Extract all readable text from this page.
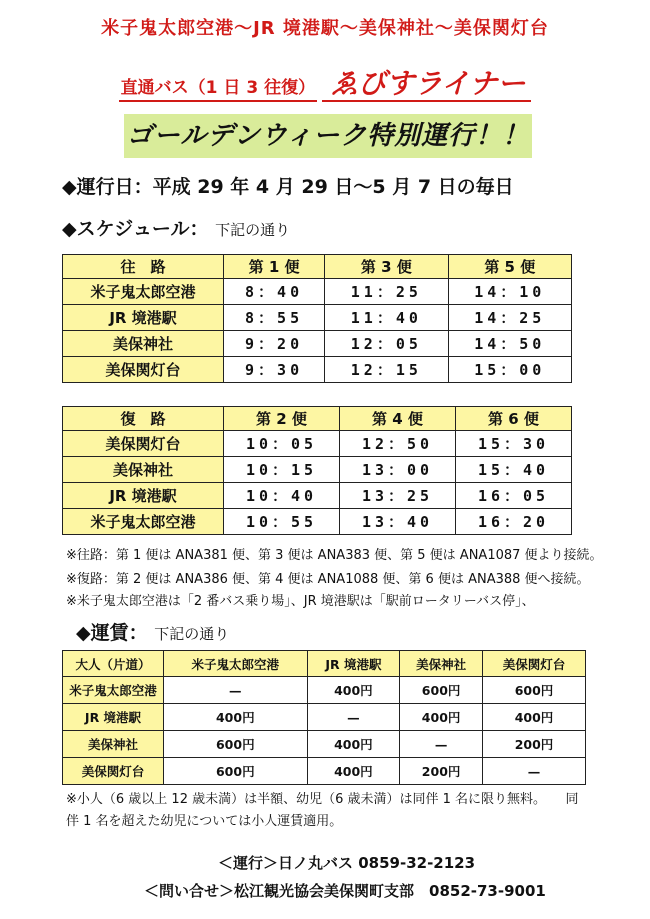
米子鬼太郎空港～JR 境港駅～美保神社～美保関灯台
直通バス（1 日 3 往復） ゑびすライナー
ゴールデンウィーク特別運行！！
◆運行日：平成 29 年 4 月 29 日～5 月 7 日の毎日
◆スケジュール： 下記の通り
往　路	第 1 便	第 3 便	第 5 便
米子鬼太郎空港	8：40	11：25	14：10
JR 境港駅	8：55	11：40	14：25
美保神社	9：20	12：05	14：50
美保関灯台	9：30	12：15	15：00
復　路	第 2 便	第 4 便	第 6 便
美保関灯台	10：05	12：50	15：30
美保神社	10：15	13：00	15：40
JR 境港駅	10：40	13：25	16：05
米子鬼太郎空港	10：55	13：40	16：20
※往路：第 1 便は ANA381 便、第 3 便は ANA383 便、第 5 便は ANA1087 便より接続。
※復路：第 2 便は ANA386 便、第 4 便は ANA1088 便、第 6 便は ANA388 便へ接続。
※米子鬼太郎空港は「2 番バス乗り場」、JR 境港駅は「駅前ロータリーバス停」、
◆運賃： 下記の通り
大人（片道）	米子鬼太郎空港	JR 境港駅	美保神社	美保関灯台
米子鬼太郎空港	—	400円	600円	600円
JR 境港駅	400円	—	400円	400円
美保神社	600円	400円	—	200円
美保関灯台	600円	400円	200円	—
※小人（6 歳以上 12 歳未満）は半額、幼児（6 歳未満）は同伴 1 名に限り無料。　　同
伴 1 名を超えた幼児については小人運賃適用。
＜運行＞日ノ丸バス 0859-32-2123
＜問い合せ＞松江観光協会美保関町支部　0852-73-9001
